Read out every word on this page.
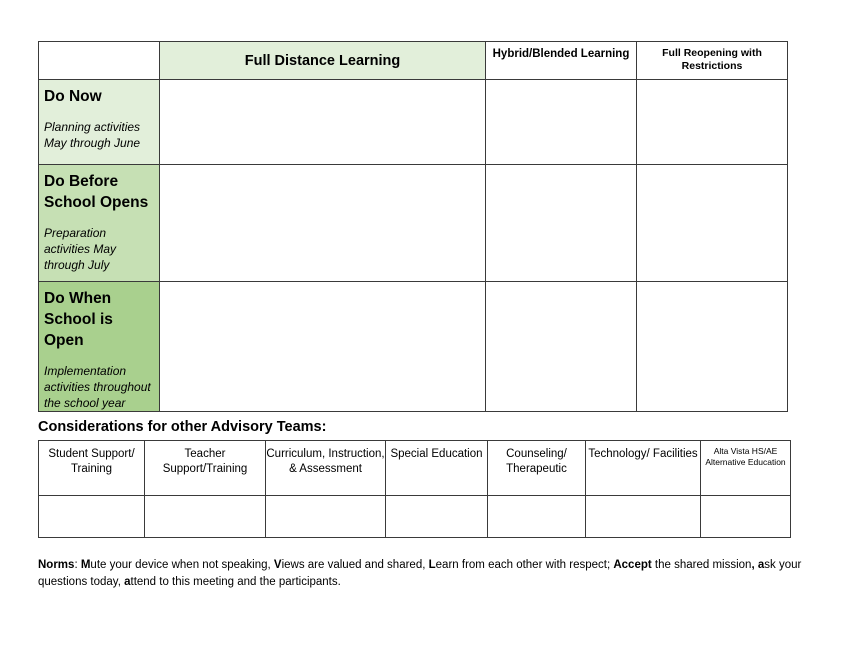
	Full Distance Learning	Hybrid/Blended Learning	Full Reopening with Restrictions

Do Now
Planning activities May through June			

Do Before School Opens
Preparation activities May through July			

Do When School is Open
Implementation activities throughout the school year			

Considerations for other Advisory Teams:
Student Support/ Training	Teacher Support/Training	Curriculum, Instruction, & Assessment	Special Education	Counseling/ Therapeutic	Technology/ Facilities	Alta Vista HS/AE Alternative Education

Norms: Mute your device when not speaking, Views are valued and shared, Learn from each other with respect; Accept the shared mission, ask your questions today, attend to this meeting and the participants.
